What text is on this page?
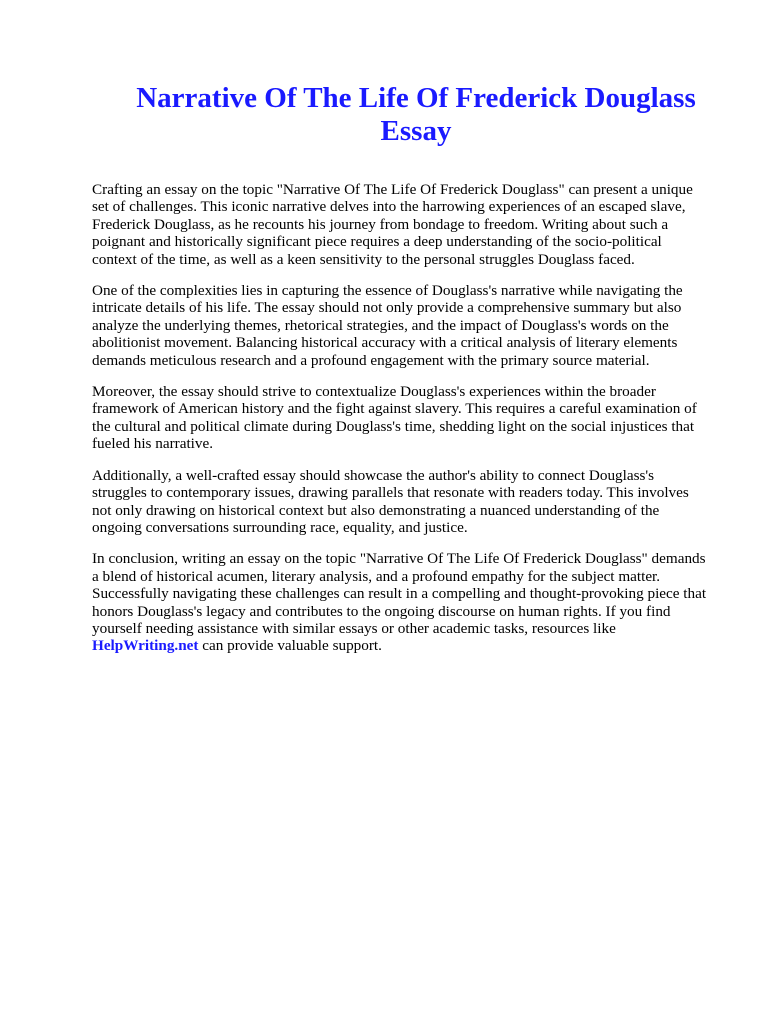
Narrative Of The Life Of Frederick Douglass
Essay

Crafting an essay on the topic "Narrative Of The Life Of Frederick Douglass" can present a unique
set of challenges. This iconic narrative delves into the harrowing experiences of an escaped slave,
Frederick Douglass, as he recounts his journey from bondage to freedom. Writing about such a
poignant and historically significant piece requires a deep understanding of the socio-political
context of the time, as well as a keen sensitivity to the personal struggles Douglass faced.

One of the complexities lies in capturing the essence of Douglass's narrative while navigating the
intricate details of his life. The essay should not only provide a comprehensive summary but also
analyze the underlying themes, rhetorical strategies, and the impact of Douglass's words on the
abolitionist movement. Balancing historical accuracy with a critical analysis of literary elements
demands meticulous research and a profound engagement with the primary source material.

Moreover, the essay should strive to contextualize Douglass's experiences within the broader
framework of American history and the fight against slavery. This requires a careful examination of
the cultural and political climate during Douglass's time, shedding light on the social injustices that
fueled his narrative.

Additionally, a well-crafted essay should showcase the author's ability to connect Douglass's
struggles to contemporary issues, drawing parallels that resonate with readers today. This involves
not only drawing on historical context but also demonstrating a nuanced understanding of the
ongoing conversations surrounding race, equality, and justice.

In conclusion, writing an essay on the topic "Narrative Of The Life Of Frederick Douglass" demands
a blend of historical acumen, literary analysis, and a profound empathy for the subject matter.
Successfully navigating these challenges can result in a compelling and thought-provoking piece that
honors Douglass's legacy and contributes to the ongoing discourse on human rights. If you find
yourself needing assistance with similar essays or other academic tasks, resources like
HelpWriting.net can provide valuable support.
